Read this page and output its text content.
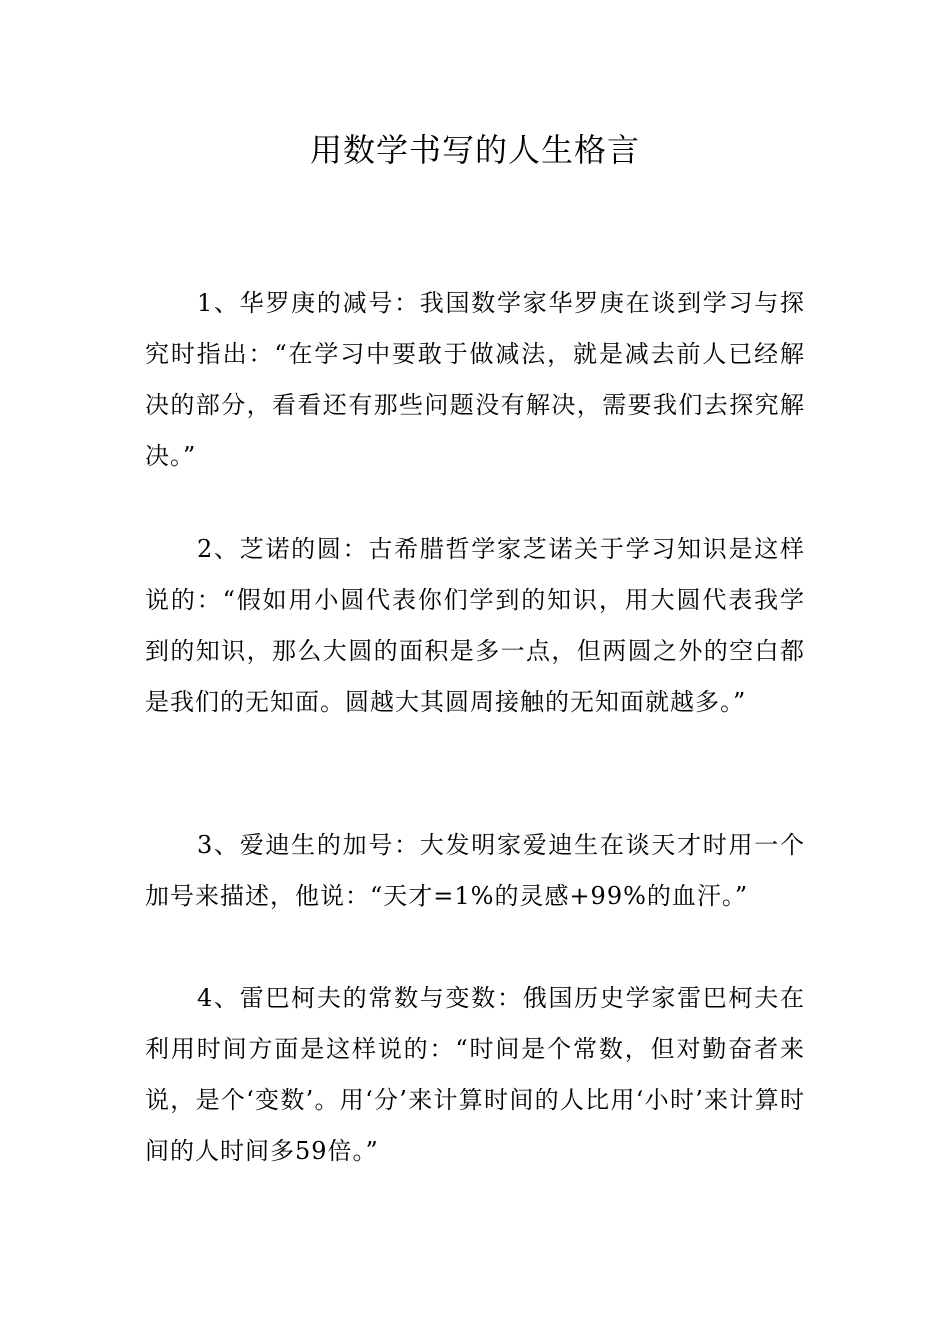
用数学书写的人生格言

1、华罗庚的减号：我国数学家华罗庚在谈到学习与探究时指出：“在学习中要敢于做减法，就是减去前人已经解决的部分，看看还有那些问题没有解决，需要我们去探究解决。”

2、芝诺的圆：古希腊哲学家芝诺关于学习知识是这样说的：“假如用小圆代表你们学到的知识，用大圆代表我学到的知识，那么大圆的面积是多一点，但两圆之外的空白都是我们的无知面。圆越大其圆周接触的无知面就越多。”

3、爱迪生的加号：大发明家爱迪生在谈天才时用一个加号来描述，他说：“天才=1%的灵感+99%的血汗。”

4、雷巴柯夫的常数与变数：俄国历史学家雷巴柯夫在利用时间方面是这样说的：“时间是个常数，但对勤奋者来说，是个‘变数’。用‘分’来计算时间的人比用‘小时’来计算时间的人时间多59倍。”
